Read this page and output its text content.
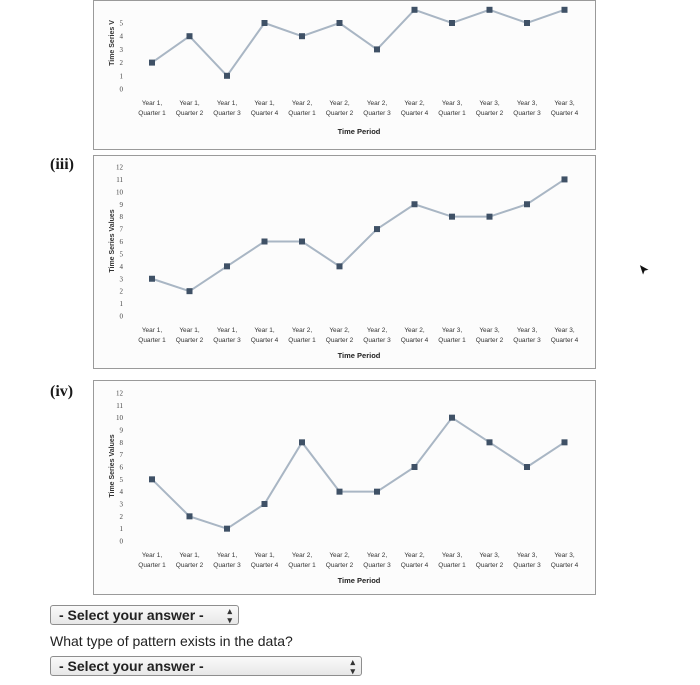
Time Series V
0
1
2
3
4
5
Year 1,
Quarter 1
Year 1,
Quarter 2
Year 1,
Quarter 3
Year 1,
Quarter 4
Year 2,
Quarter 1
Year 2,
Quarter 2
Year 2,
Quarter 3
Year 2,
Quarter 4
Year 3,
Quarter 1
Year 3,
Quarter 2
Year 3,
Quarter 3
Year 3,
Quarter 4
Time Period
(iii)
Time Series Values
0
1
2
3
4
5
6
7
8
9
10
11
12
Year 1,
Quarter 1
Year 1,
Quarter 2
Year 1,
Quarter 3
Year 1,
Quarter 4
Year 2,
Quarter 1
Year 2,
Quarter 2
Year 2,
Quarter 3
Year 2,
Quarter 4
Year 3,
Quarter 1
Year 3,
Quarter 2
Year 3,
Quarter 3
Year 3,
Quarter 4
Time Period
(iv)
Time Series Values
0
1
2
3
4
5
6
7
8
9
10
11
12
Year 1,
Quarter 1
Year 1,
Quarter 2
Year 1,
Quarter 3
Year 1,
Quarter 4
Year 2,
Quarter 1
Year 2,
Quarter 2
Year 2,
Quarter 3
Year 2,
Quarter 4
Year 3,
Quarter 1
Year 3,
Quarter 2
Year 3,
Quarter 3
Year 3,
Quarter 4
Time Period
- Select your answer -	▴
▾
What type of pattern exists in the data?
- Select your answer -	▴
▾
